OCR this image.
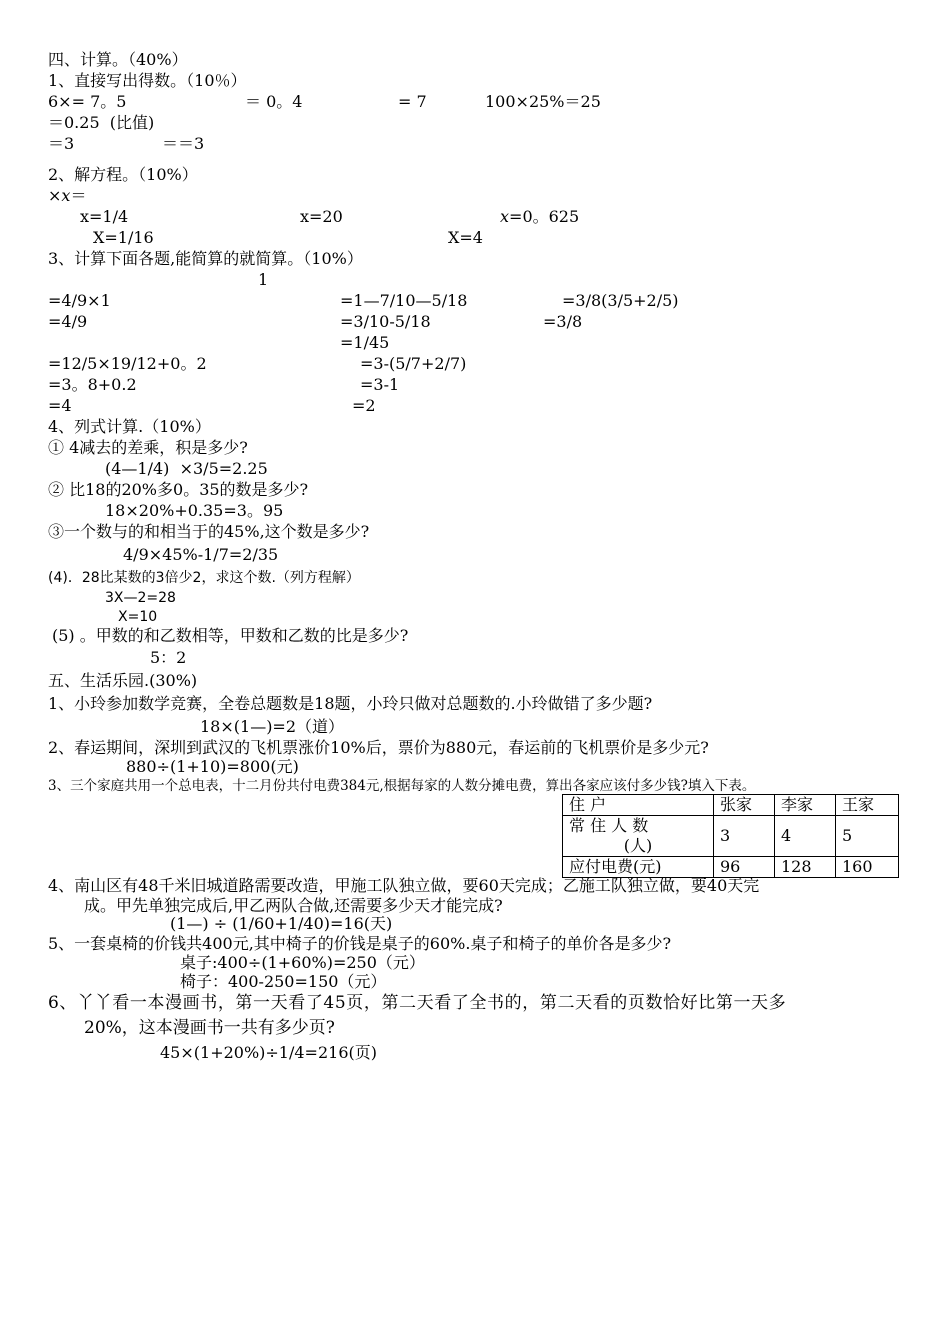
四、计算。（40%）
1、直接写出得数。（10％）
6×= 7。5	＝ 0。4	= 7	100×25%＝25
＝0.25  (比值)
＝3	＝＝3
2、解方程。（10%）
×x＝
x=1/4	x=20	x=0。625
X=1/16	X=4
3、计算下面各题,能简算的就简算。（10%）
1
=4/9×1	=1—7/10—5/18	=3/8(3/5+2/5)
=4/9	=3/10-5/18	=3/8
=1/45
=12/5×19/12+0。2	=3-(5/7+2/7)
=3。8+0.2	=3-1
=4	=2
4、列式计算.（10%）
① 4减去的差乘，积是多少?
(4—1/4)  ×3/5=2.25
② 比18的20%多0。35的数是多少?
18×20%+0.35=3。95
③一个数与的和相当于的45%,这个数是多少?
4/9×45%-1/7=2/35
(4)．28比某数的3倍少2，求这个数.（列方程解）
3X—2=28
X=10
(5) 。甲数的和乙数相等，甲数和乙数的比是多少?
5：2
五、生活乐园.(30%)
1、小玲参加数学竞赛，全卷总题数是18题，小玲只做对总题数的.小玲做错了多少题?
18×(1—)=2（道）
2、春运期间，深圳到武汉的飞机票涨价10%后，票价为880元，春运前的飞机票价是多少元?
880÷(1+10)=800(元)
3、三个家庭共用一个总电表，十二月份共付电费384元,根据每家的人数分摊电费，算出各家应该付多少钱?填入下表。
住 户	张家	李家	王家

常 住 人 数
(人)	3	4	5
应付电费(元)	96	128	160
4、南山区有48千米旧城道路需要改造，甲施工队独立做，要60天完成；乙施工队独立做，要40天完
成。甲先单独完成后,甲乙两队合做,还需要多少天才能完成?
(1—) ÷ (1/60+1/40)=16(天)
5、一套桌椅的价钱共400元,其中椅子的价钱是桌子的60%.桌子和椅子的单价各是多少?
桌子:400÷(1+60%)=250（元）
椅子：400-250=150（元）
6、丫丫看一本漫画书，第一天看了45页，第二天看了全书的，第二天看的页数恰好比第一天多
20%，这本漫画书一共有多少页?
45×(1+20%)÷1/4=216(页)
